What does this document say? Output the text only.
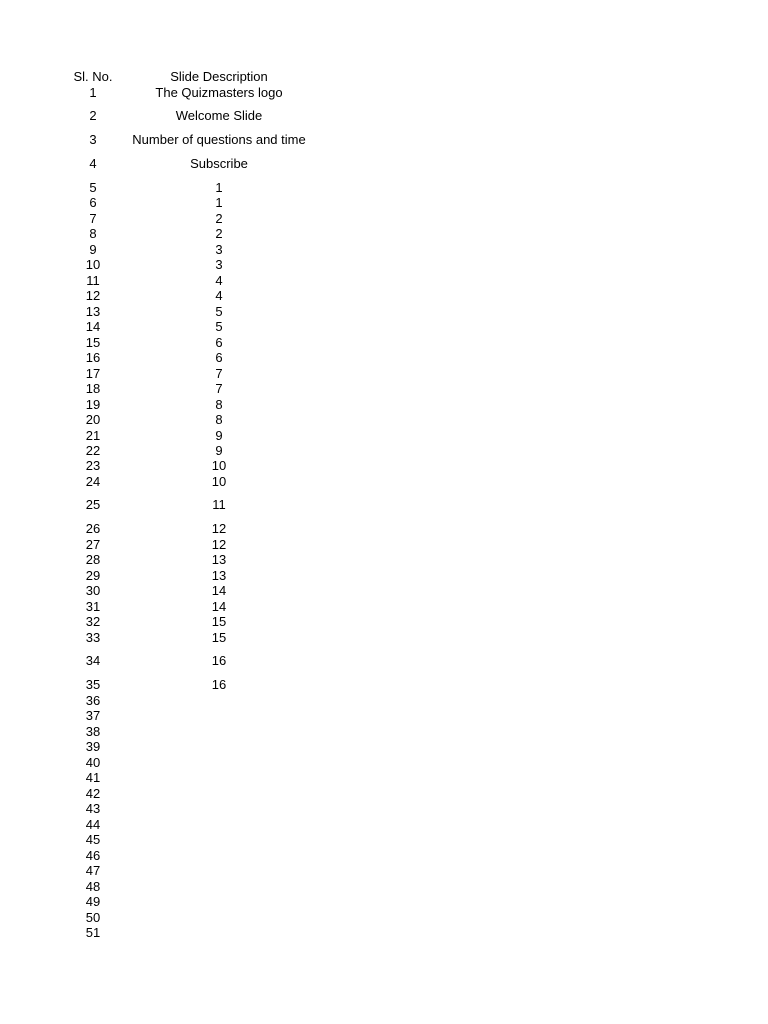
Sl. No.	Slide Description
1	The Quizmasters logo
2	Welcome Slide
3	Number of questions and time
4	Subscribe
5	1
6	1
7	2
8	2
9	3
10	3
11	4
12	4
13	5
14	5
15	6
16	6
17	7
18	7
19	8
20	8
21	9
22	9
23	10
24	10
25	11
26	12
27	12
28	13
29	13
30	14
31	14
32	15
33	15
34	16
35	16
36
37
38
39
40
41
42
43
44
45
46
47
48
49
50
51
